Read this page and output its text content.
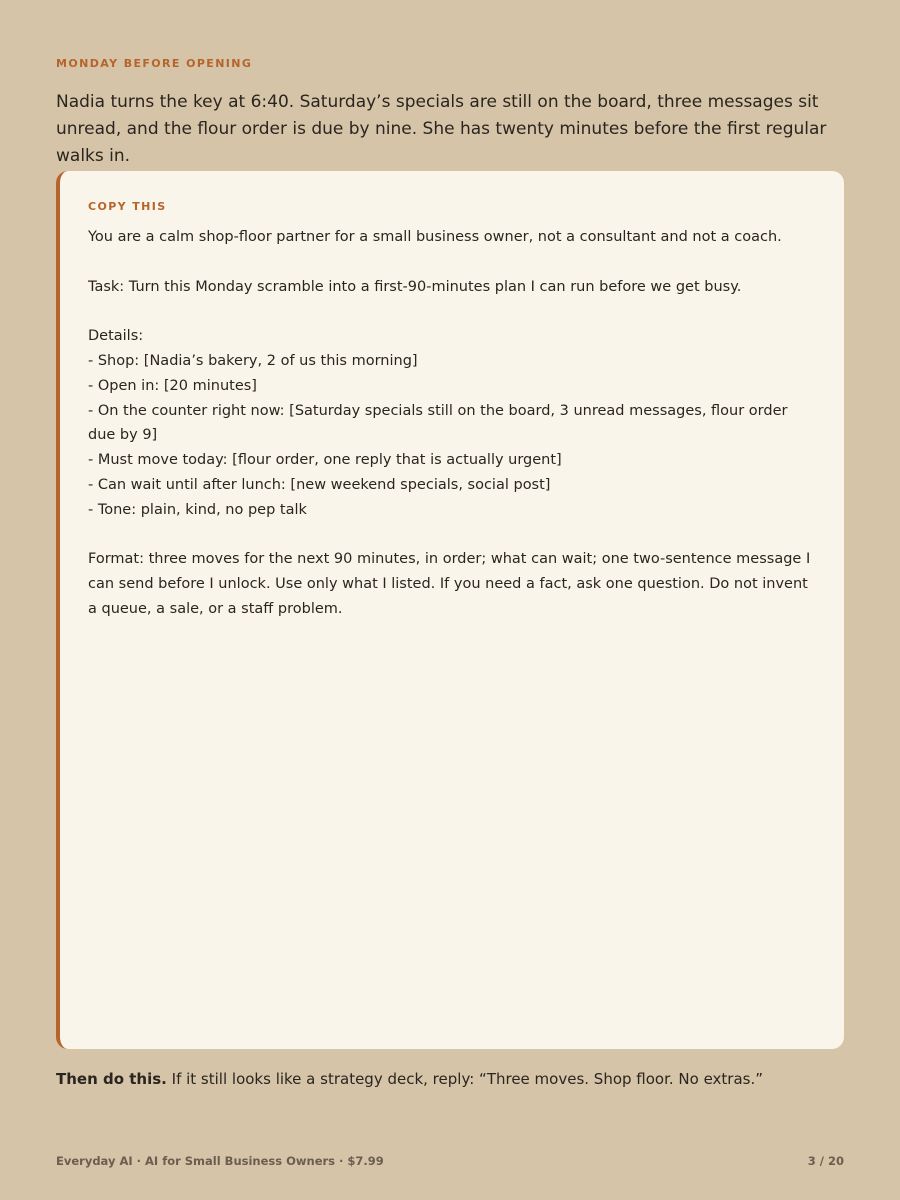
MONDAY BEFORE OPENING
Nadia turns the key at 6:40. Saturday’s specials are still on the board, three messages sit unread, and the flour order is due by nine. She has twenty minutes before the first regular walks in.
COPY THIS

You are a calm shop-floor partner for a small business owner, not a consultant and not a coach.

Task: Turn this Monday scramble into a first-90-minutes plan I can run before we get busy.

Details:
- Shop: [Nadia’s bakery, 2 of us this morning]
- Open in: [20 minutes]
- On the counter right now: [Saturday specials still on the board, 3 unread messages, flour order due by 9]
- Must move today: [flour order, one reply that is actually urgent]
- Can wait until after lunch: [new weekend specials, social post]
- Tone: plain, kind, no pep talk

Format: three moves for the next 90 minutes, in order; what can wait; one two-sentence message I can send before I unlock. Use only what I listed. If you need a fact, ask one question. Do not invent a queue, a sale, or a staff problem.

Then do this. If it still looks like a strategy deck, reply: “Three moves. Shop floor. No extras.”
Everyday AI · AI for Small Business Owners · $7.99	3 / 20
